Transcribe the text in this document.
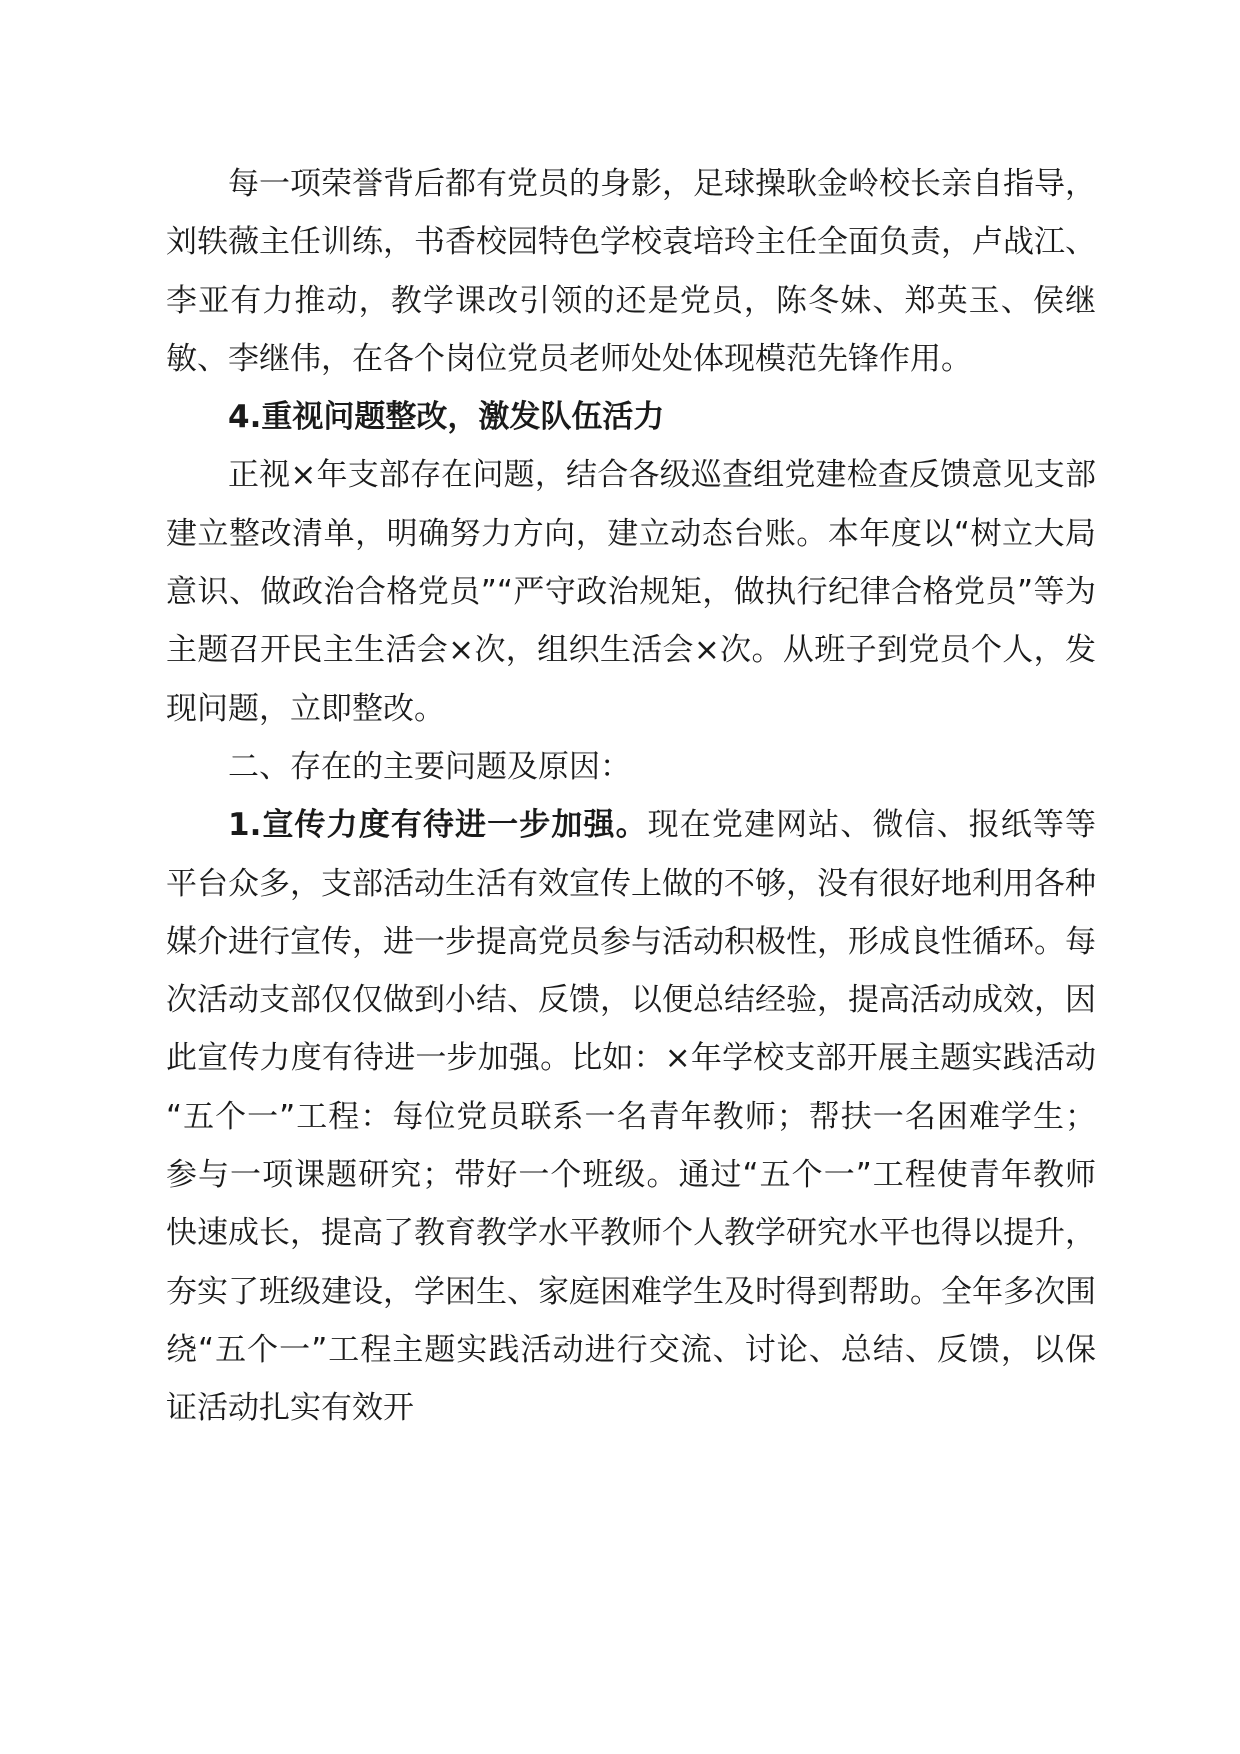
每一项荣誉背后都有党员的身影，足球操耿金岭校长亲自指导，刘轶薇主任训练，书香校园特色学校袁培玲主任全面负责，卢战江、李亚有力推动，教学课改引领的还是党员，陈冬妹、郑英玉、侯继敏、李继伟，在各个岗位党员老师处处体现模范先锋作用。

4.重视问题整改，激发队伍活力

正视×年支部存在问题，结合各级巡查组党建检查反馈意见支部建立整改清单，明确努力方向，建立动态台账。本年度以“树立大局意识、做政治合格党员”“严守政治规矩，做执行纪律合格党员”等为主题召开民主生活会×次，组织生活会×次。从班子到党员个人，发现问题，立即整改。

二、存在的主要问题及原因：

1.宣传力度有待进一步加强。现在党建网站、微信、报纸等等平台众多，支部活动生活有效宣传上做的不够，没有很好地利用各种媒介进行宣传，进一步提高党员参与活动积极性，形成良性循环。每次活动支部仅仅做到小结、反馈，以便总结经验，提高活动成效，因此宣传力度有待进一步加强。比如：×年学校支部开展主题实践活动 “五个一”工程：每位党员联系一名青年教师；帮扶一名困难学生；参与一项课题研究；带好一个班级。通过“五个一”工程使青年教师快速成长，提高了教育教学水平教师个人教学研究水平也得以提升，夯实了班级建设，学困生、家庭困难学生及时得到帮助。全年多次围绕“五个一”工程主题实践活动进行交流、讨论、总结、反馈，以保证活动扎实有效开
